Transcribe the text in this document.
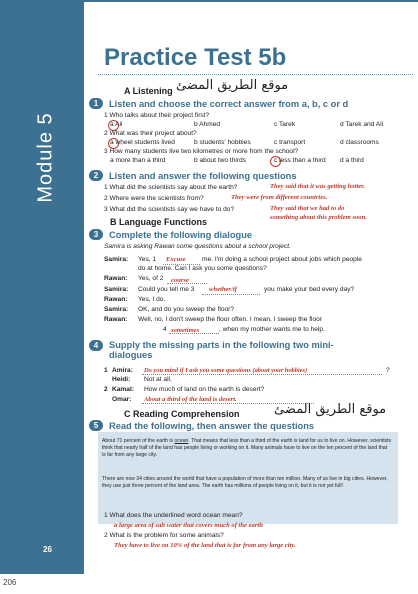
Module 5
26
206
Practice Test 5b
A Listening موقع الطريق المضئ
1	Listen and choose the correct answer from a, b, c or d
1 Who talks about their project first?
a Ali	b Ahmed	c Tarek	d Tarek and Ali
2 What was their project about?
a wheel students lived	b students' hobbies	c transport	d classrooms
3 How many students live two kilometres or more from the school?
a more than a third	b about two thirds	c less than a third d a third
2	Listen and answer the following questions
1 What did the scientists say about the earth?	They said that it was getting hotter.
2 Where were the scientists from?	They were from different countries.
3 What did the scientists say we have to do?	They said that we had to do
something about this problem soon.
B Language Functions
3	Complete the following dialogue
Samira is asking Rawan some questions about a school project.
Samira: Yes, 1 Excuse me. I'm doing a school project about jobs which people
do at home. Can I ask you some questions?
Rawan: Yes, of 2 course
Samira: Could you tell me 3 whether/if	you make your bed every day?
Rawan: Yes, I do.
Samira: OK, and do you sweep the floor?
Rawan: Well, no, I don't sweep the floor often. I mean, I sweep the floor
4 sometimes	, when my mother wants me to help.
4	Supply the missing parts in the following two mini-
dialogues
1 Amira: Do you mind if I ask you some questions (about your hobbies)	?
Heidi: Not at all.
2 Kamal: How much of land on the earth is desert?
Omar: About a third of the land is desert.
C Reading Comprehension	موقع الطريق المضئ
5	Read the following, then answer the questions

About 71 percent of the earth is ocean. That means that less than a third of the earth is land for us to live on. However, scientists think that nearly half of the land has people living or working on it. Many animals have to live on the ten percent of the land that is far from any large city.

There are now 34 cities around the world that have a population of more than ten million. Many of us live in big cities. However, they use just three percent of the land area. The earth has millions of people living on it, but it is not yet full!

1 What does the underlined word ocean mean?
a large area of salt water that covers much of the earth
2 What is the problem for some animals?
They have to live on 10% of the land that is far from any large city.
